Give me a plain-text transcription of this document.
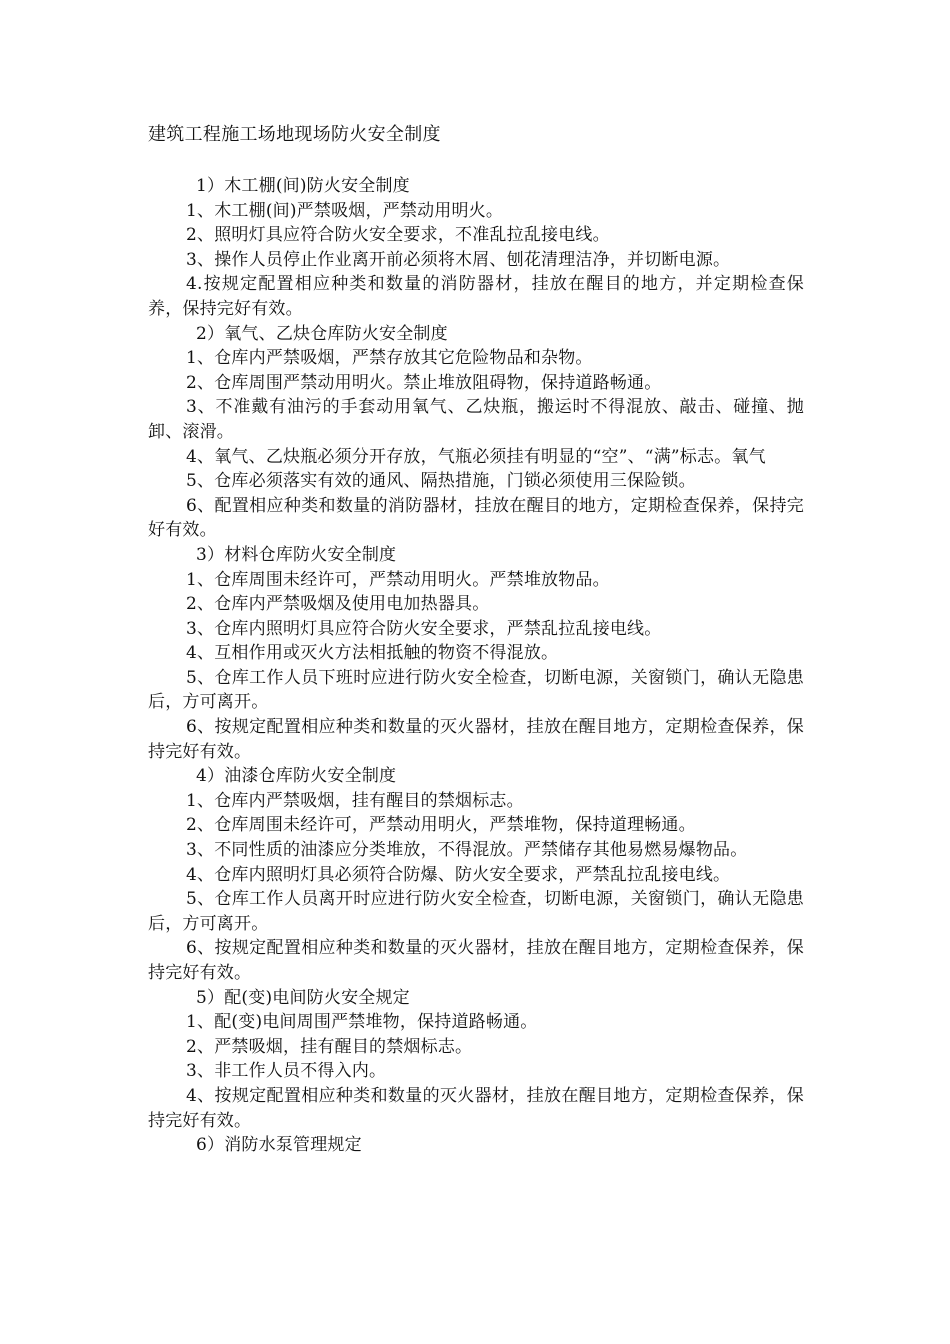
建筑工程施工场地现场防火安全制度

1）木工棚(间)防火安全制度

1、木工棚(间)严禁吸烟，严禁动用明火。

2、照明灯具应符合防火安全要求，不准乱拉乱接电线。

3、操作人员停止作业离开前必须将木屑、刨花清理洁净，并切断电源。

4.按规定配置相应种类和数量的消防器材，挂放在醒目的地方，并定期检查保养，保持完好有效。

2）氧气、乙炔仓库防火安全制度

1、仓库内严禁吸烟，严禁存放其它危险物品和杂物。

2、仓库周围严禁动用明火。禁止堆放阻碍物，保持道路畅通。

3、不准戴有油污的手套动用氧气、乙炔瓶，搬运时不得混放、敲击、碰撞、抛卸、滚滑。

4、氧气、乙炔瓶必须分开存放，气瓶必须挂有明显的“空”、“满”标志。氧气

5、仓库必须落实有效的通风、隔热措施，门锁必须使用三保险锁。

6、配置相应种类和数量的消防器材，挂放在醒目的地方，定期检查保养，保持完好有效。

3）材料仓库防火安全制度

1、仓库周围未经许可，严禁动用明火。严禁堆放物品。

2、仓库内严禁吸烟及使用电加热器具。

3、仓库内照明灯具应符合防火安全要求，严禁乱拉乱接电线。

4、互相作用或灭火方法相抵触的物资不得混放。

5、仓库工作人员下班时应进行防火安全检查，切断电源，关窗锁门，确认无隐患后，方可离开。

6、按规定配置相应种类和数量的灭火器材，挂放在醒目地方，定期检查保养，保持完好有效。

4）油漆仓库防火安全制度

1、仓库内严禁吸烟，挂有醒目的禁烟标志。

2、仓库周围未经许可，严禁动用明火，严禁堆物，保持道理畅通。

3、不同性质的油漆应分类堆放，不得混放。严禁储存其他易燃易爆物品。

4、仓库内照明灯具必须符合防爆、防火安全要求，严禁乱拉乱接电线。

5、仓库工作人员离开时应进行防火安全检查，切断电源，关窗锁门，确认无隐患后，方可离开。

6、按规定配置相应种类和数量的灭火器材，挂放在醒目地方，定期检查保养，保持完好有效。

5）配(变)电间防火安全规定

1、配(变)电间周围严禁堆物，保持道路畅通。

2、严禁吸烟，挂有醒目的禁烟标志。

3、非工作人员不得入内。

4、按规定配置相应种类和数量的灭火器材，挂放在醒目地方，定期检查保养，保持完好有效。

6）消防水泵管理规定
